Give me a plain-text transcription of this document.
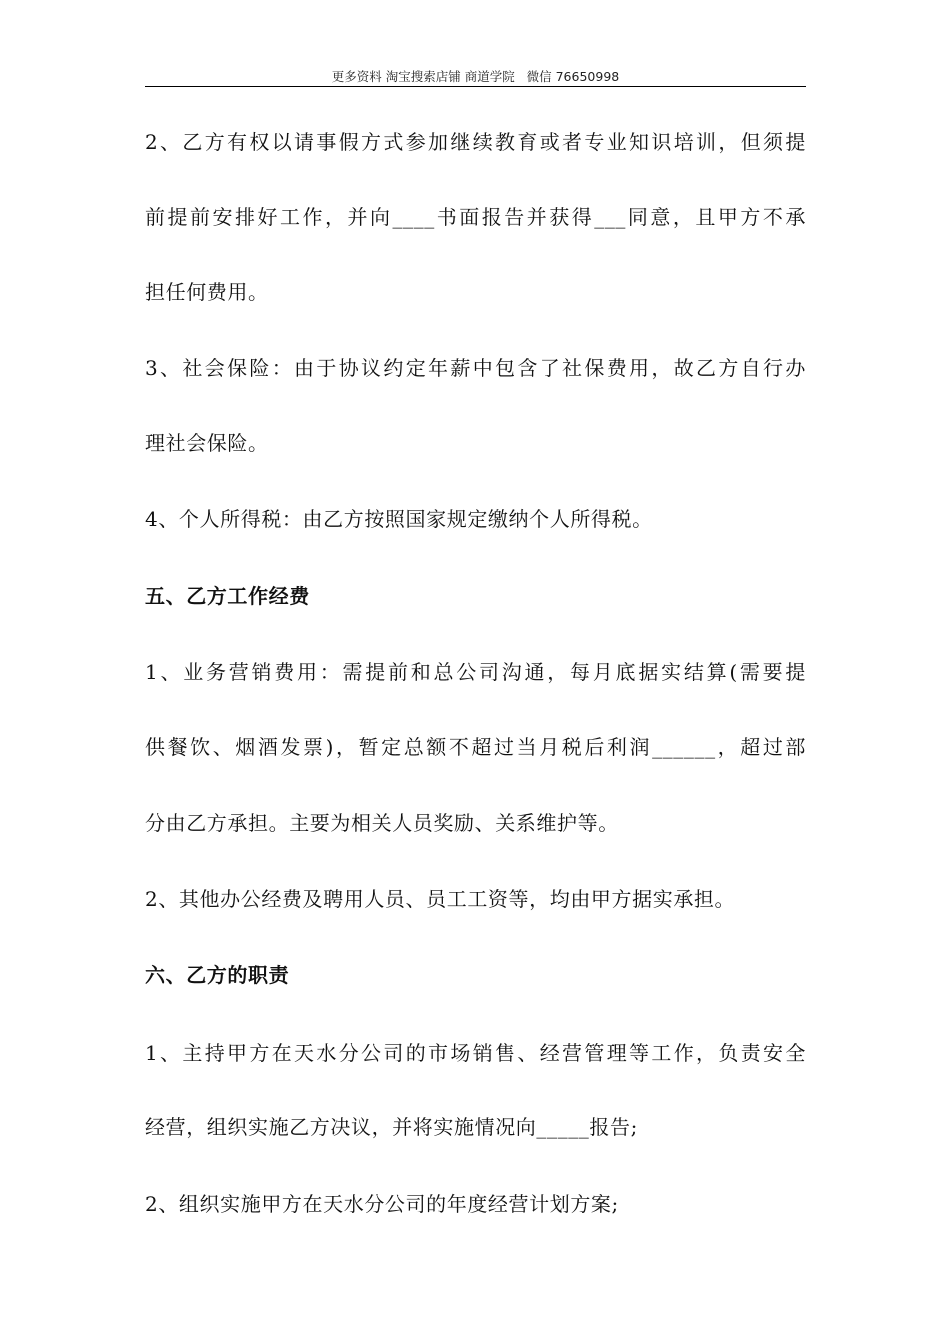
更多资料 淘宝搜索店铺 商道学院   微信 76650998
2、乙方有权以请事假方式参加继续教育或者专业知识培训，但须提
前提前安排好工作，并向____书面报告并获得___同意，且甲方不承
担任何费用。
3、社会保险：由于协议约定年薪中包含了社保费用，故乙方自行办
理社会保险。
4、个人所得税：由乙方按照国家规定缴纳个人所得税。
五、乙方工作经费
1、业务营销费用：需提前和总公司沟通，每月底据实结算(需要提
供餐饮、烟酒发票)，暂定总额不超过当月税后利润______，超过部
分由乙方承担。主要为相关人员奖励、关系维护等。
2、其他办公经费及聘用人员、员工工资等，均由甲方据实承担。
六、乙方的职责
1、主持甲方在天水分公司的市场销售、经营管理等工作，负责安全
经营，组织实施乙方决议，并将实施情况向_____报告;
2、组织实施甲方在天水分公司的年度经营计划方案;
